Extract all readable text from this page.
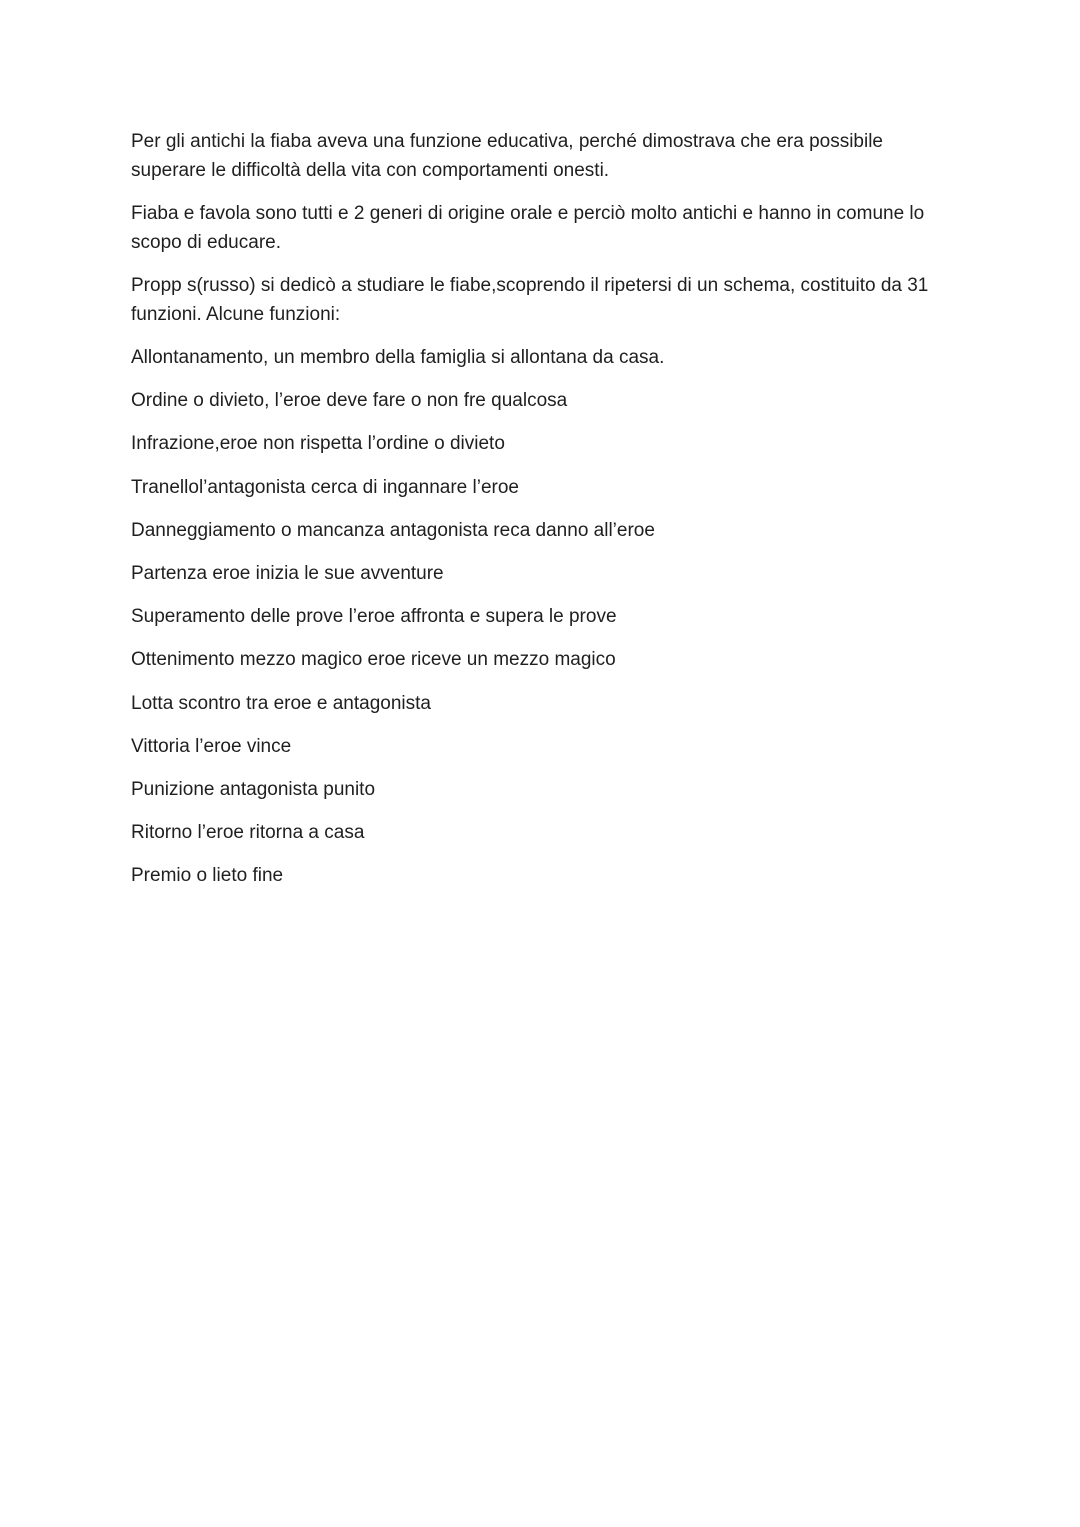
Per gli antichi la fiaba aveva una funzione educativa, perché dimostrava che era possibile superare le difficoltà della vita con comportamenti onesti.

Fiaba e favola sono tutti e 2 generi di origine orale e perciò molto antichi e hanno in comune lo scopo di educare.

Propp s(russo) si dedicò a studiare le fiabe,scoprendo il ripetersi di un schema, costituito da 31 funzioni. Alcune funzioni:

Allontanamento, un membro della famiglia si allontana da casa.
Ordine o divieto, l’eroe deve fare o non fre qualcosa
Infrazione,eroe non rispetta l’ordine o divieto
Tranellol’antagonista cerca di ingannare l’eroe
Danneggiamento o mancanza antagonista reca danno all’eroe
Partenza eroe inizia le sue avventure
Superamento delle prove l’eroe affronta e supera le prove
Ottenimento mezzo magico eroe riceve un mezzo magico
Lotta scontro tra eroe e antagonista
Vittoria l’eroe vince
Punizione antagonista punito
Ritorno l’eroe ritorna a casa
Premio o lieto fine
